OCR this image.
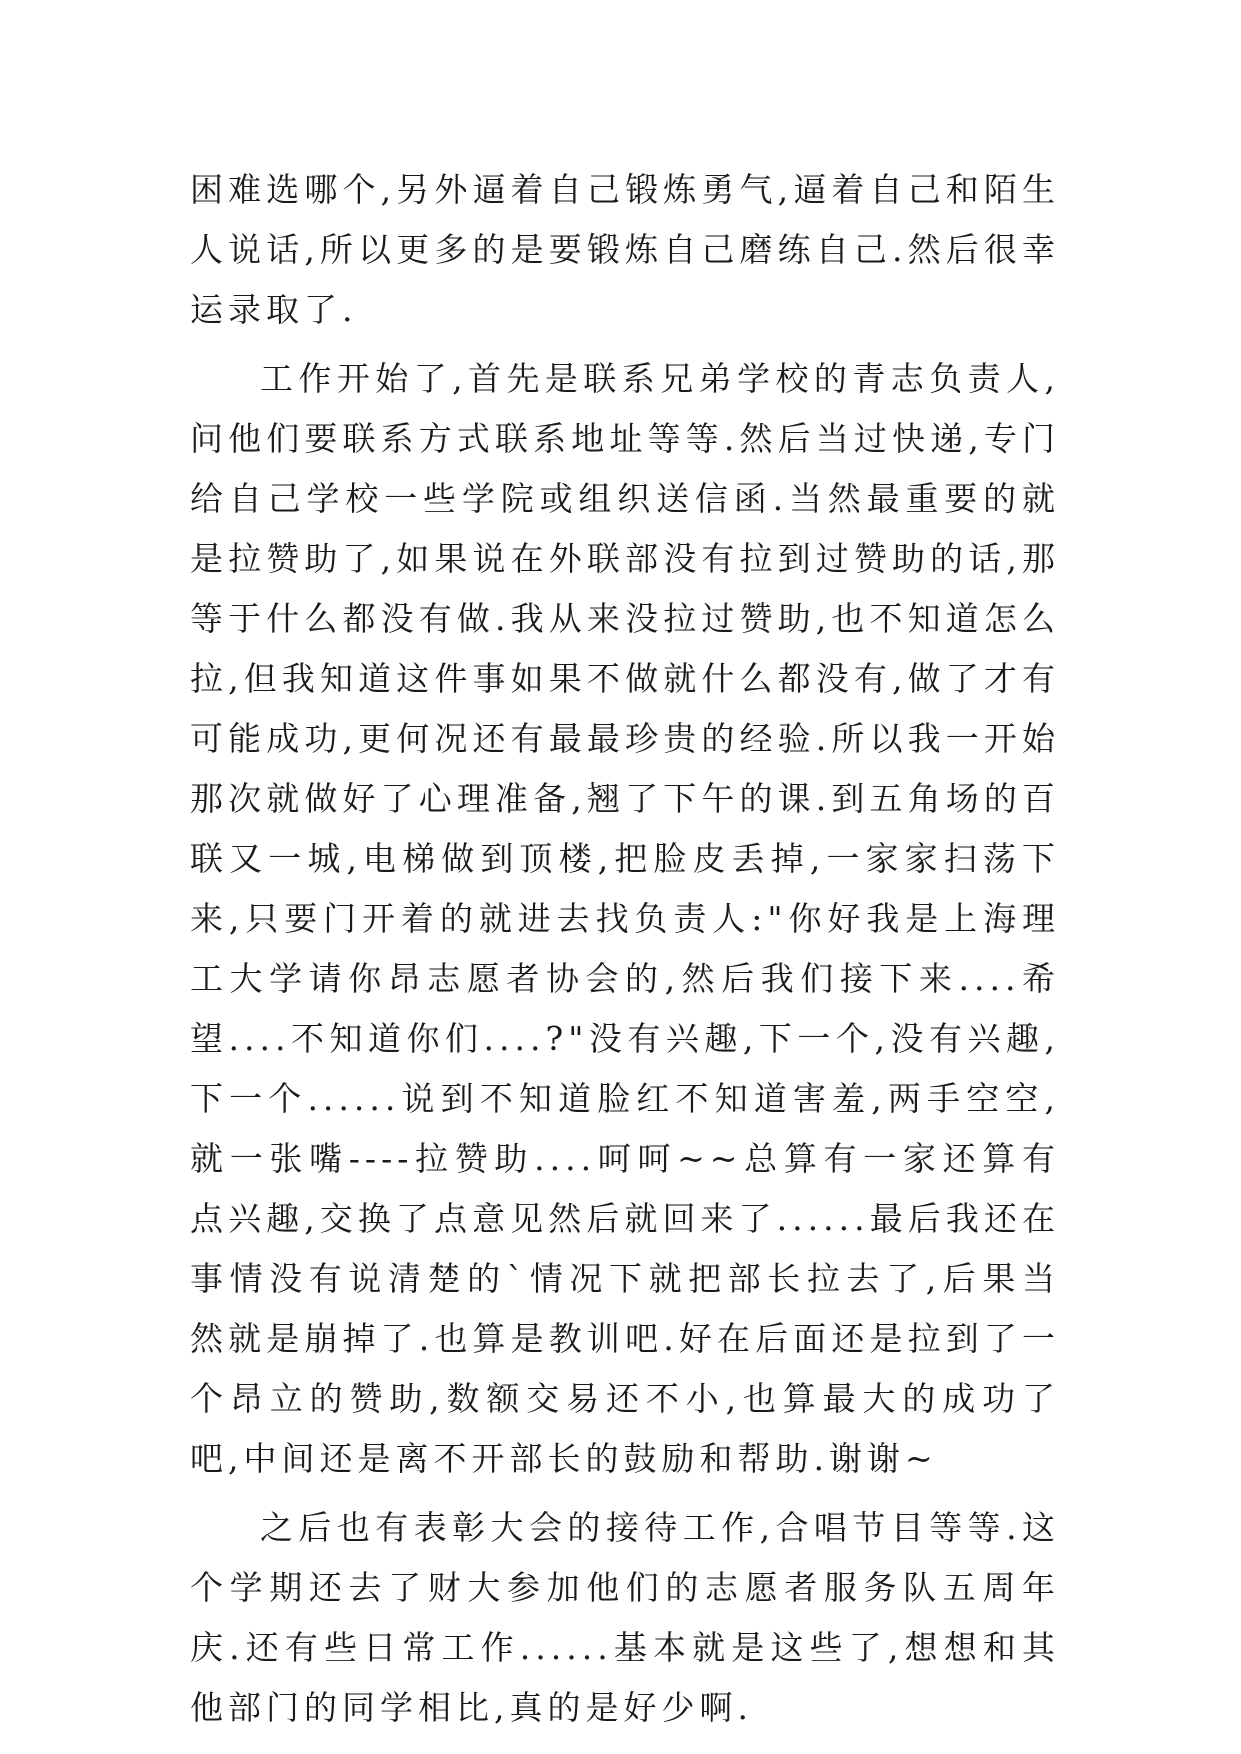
困难选哪个,另外逼着自己锻炼勇气,逼着自己和陌生人说话,所以更多的是要锻炼自己磨练自己.然后很幸运录取了.

工作开始了,首先是联系兄弟学校的青志负责人,问他们要联系方式联系地址等等.然后当过快递,专门给自己学校一些学院或组织送信函.当然最重要的就是拉赞助了,如果说在外联部没有拉到过赞助的话,那等于什么都没有做.我从来没拉过赞助,也不知道怎么拉,但我知道这件事如果不做就什么都没有,做了才有可能成功,更何况还有最最珍贵的经验.所以我一开始那次就做好了心理准备,翘了下午的课.到五角场的百联又一城,电梯做到顶楼,把脸皮丢掉,一家家扫荡下来,只要门开着的就进去找负责人:"你好我是上海理工大学请你昂志愿者协会的,然后我们接下来....希望....不知道你们....?"没有兴趣,下一个,没有兴趣,下一个......说到不知道脸红不知道害羞,两手空空,就一张嘴----拉赞助....呵呵~~总算有一家还算有点兴趣,交换了点意见然后就回来了......最后我还在事情没有说清楚的`情况下就把部长拉去了,后果当然就是崩掉了.也算是教训吧.好在后面还是拉到了一个昂立的赞助,数额交易还不小,也算最大的成功了吧,中间还是离不开部长的鼓励和帮助.谢谢~

之后也有表彰大会的接待工作,合唱节目等等.这个学期还去了财大参加他们的志愿者服务队五周年庆.还有些日常工作......基本就是这些了,想想和其他部门的同学相比,真的是好少啊.
